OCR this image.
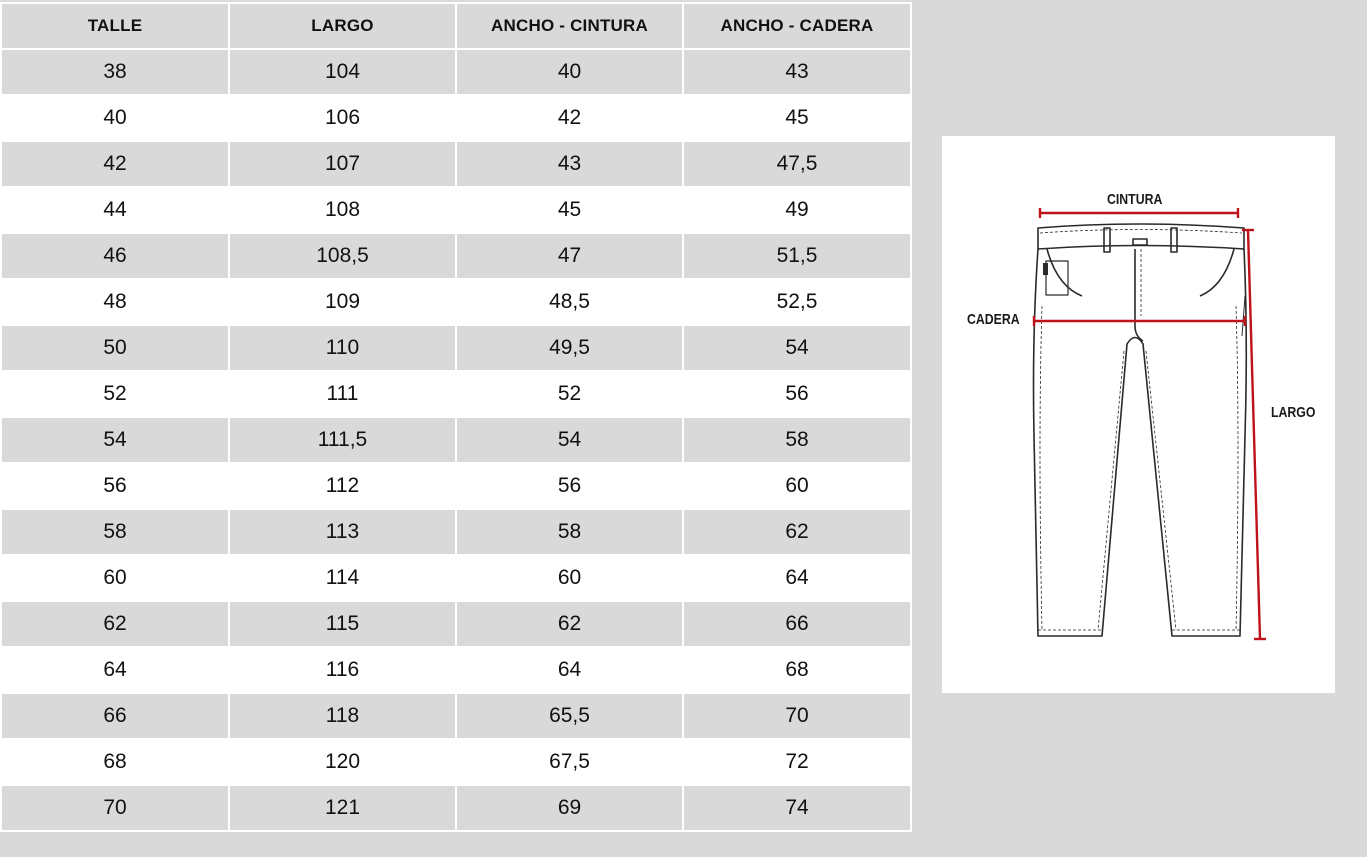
TALLE	LARGO	ANCHO - CINTURA	ANCHO - CADERA
38	104	40	43
40	106	42	45
42	107	43	47,5
44	108	45	49
46	108,5	47	51,5
48	109	48,5	52,5
50	110	49,5	54
52	111	52	56
54	111,5	54	58
56	112	56	60
58	113	58	62
60	114	60	64
62	115	62	66
64	116	64	68
66	118	65,5	70
68	120	67,5	72
70	121	69	74
CINTURA
CADERA
LARGO
